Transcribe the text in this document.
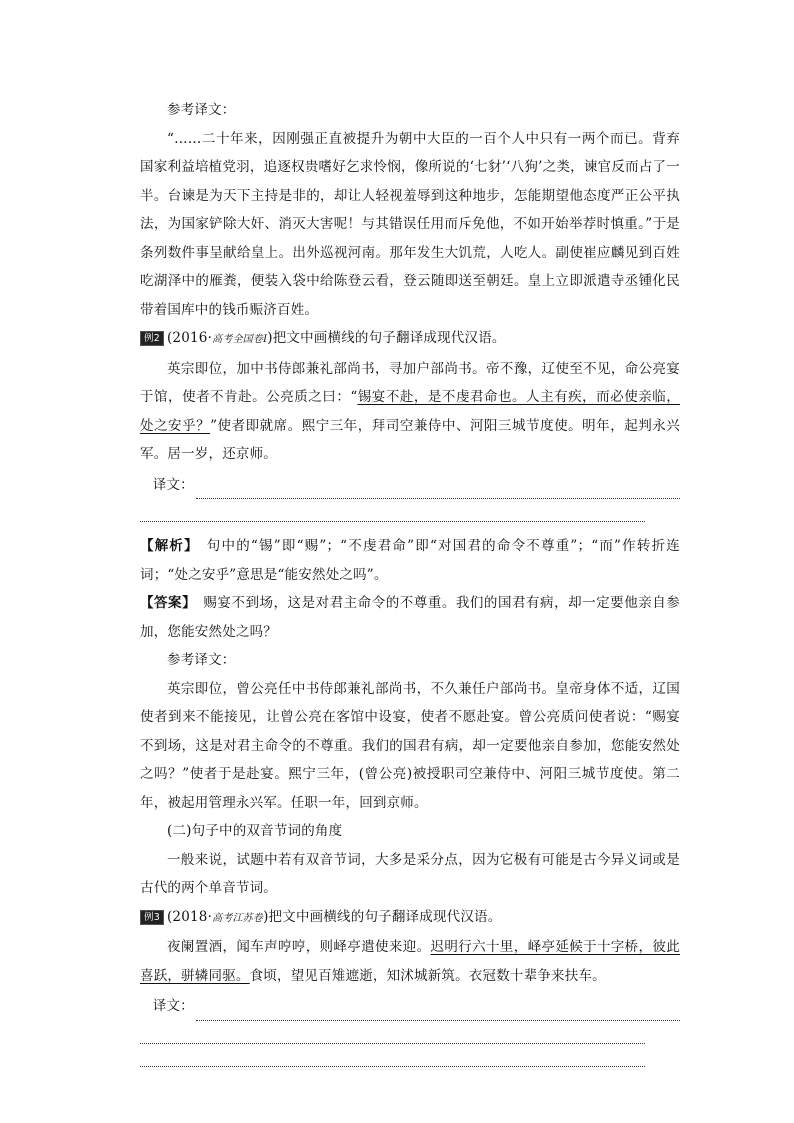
参考译文：

“……二十年来，因刚强正直被提升为朝中大臣的一百个人中只有一两个而已。背弃国家利益培植党羽，追逐权贵嗜好乞求怜悯，像所说的‘七豺’‘八狗’之类，谏官反而占了一半。台谏是为天下主持是非的，却让人轻视羞辱到这种地步，怎能期望他态度严正公平执法，为国家铲除大奸、消灭大害呢！与其错误任用而斥免他，不如开始举荐时慎重。”于是条列数件事呈献给皇上。出外巡视河南。那年发生大饥荒，人吃人。副使崔应麟见到百姓吃湖泽中的雁粪，便装入袋中给陈登云看，登云随即送至朝廷。皇上立即派遣寺丞锺化民带着国库中的钱币赈济百姓。

例2 (2016·高考全国卷Ⅰ)把文中画横线的句子翻译成现代汉语。

英宗即位，加中书侍郎兼礼部尚书，寻加户部尚书。帝不豫，辽使至不见，命公亮宴于馆，使者不肯赴。公亮质之曰：“锡宴不赴，是不虔君命也。人主有疾，而必使亲临，处之安乎？”使者即就席。熙宁三年，拜司空兼侍中、河阳三城节度使。明年，起判永兴军。居一岁，还京师。

译文：

【解析】　句中的“锡”即“赐”；“不虔君命”即“对国君的命令不尊重”；“而”作转折连词；“处之安乎”意思是“能安然处之吗”。

【答案】　赐宴不到场，这是对君主命令的不尊重。我们的国君有病，却一定要他亲自参加，您能安然处之吗？

参考译文：

英宗即位，曾公亮任中书侍郎兼礼部尚书，不久兼任户部尚书。皇帝身体不适，辽国使者到来不能接见，让曾公亮在客馆中设宴，使者不愿赴宴。曾公亮质问使者说：“赐宴不到场，这是对君主命令的不尊重。我们的国君有病，却一定要他亲自参加，您能安然处之吗？”使者于是赴宴。熙宁三年，(曾公亮)被授职司空兼侍中、河阳三城节度使。第二年，被起用管理永兴军。任职一年，回到京师。

(二)句子中的双音节词的角度

一般来说，试题中若有双音节词，大多是采分点，因为它极有可能是古今异义词或是古代的两个单音节词。

例3 (2018·高考江苏卷)把文中画横线的句子翻译成现代汉语。

夜阑置酒，闻车声哼哼，则峄亭遣使来迎。迟明行六十里，峄亭延候于十字桥，彼此喜跃，骈辚同驱。食顷，望见百雉遮逝，知沭城新筑。衣冠数十辈争来扶车。

译文：
